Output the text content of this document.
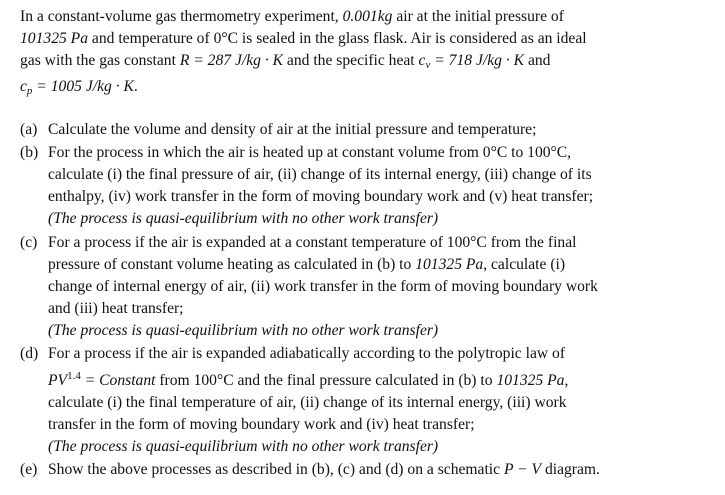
In a constant-volume gas thermometry experiment, 0.001kg air at the initial pressure of
101325 Pa and temperature of 0°C is sealed in the glass flask. Air is considered as an ideal
gas with the gas constant R = 287 J/kg · K and the specific heat $c_v = 718$ J/kg · K and
$c_p = 1005$ J/kg · K.

(a) Calculate the volume and density of air at the initial pressure and temperature;
(b) For the process in which the air is heated up at constant volume from 0°C to 100°C,
calculate (i) the final pressure of air, (ii) change of its internal energy, (iii) change of its
enthalpy, (iv) work transfer in the form of moving boundary work and (v) heat transfer;
(The process is quasi-equilibrium with no other work transfer)
(c) For a process if the air is expanded at a constant temperature of 100°C from the final
pressure of constant volume heating as calculated in (b) to 101325 Pa, calculate (i)
change of internal energy of air, (ii) work transfer in the form of moving boundary work
and (iii) heat transfer;
(The process is quasi-equilibrium with no other work transfer)
(d) For a process if the air is expanded adiabatically according to the polytropic law of
$PV^{1.4}$ = Constant from 100°C and the final pressure calculated in (b) to 101325 Pa,
calculate (i) the final temperature of air, (ii) change of its internal energy, (iii) work
transfer in the form of moving boundary work and (iv) heat transfer;
(The process is quasi-equilibrium with no other work transfer)
(e) Show the above processes as described in (b), (c) and (d) on a schematic P − V diagram.
